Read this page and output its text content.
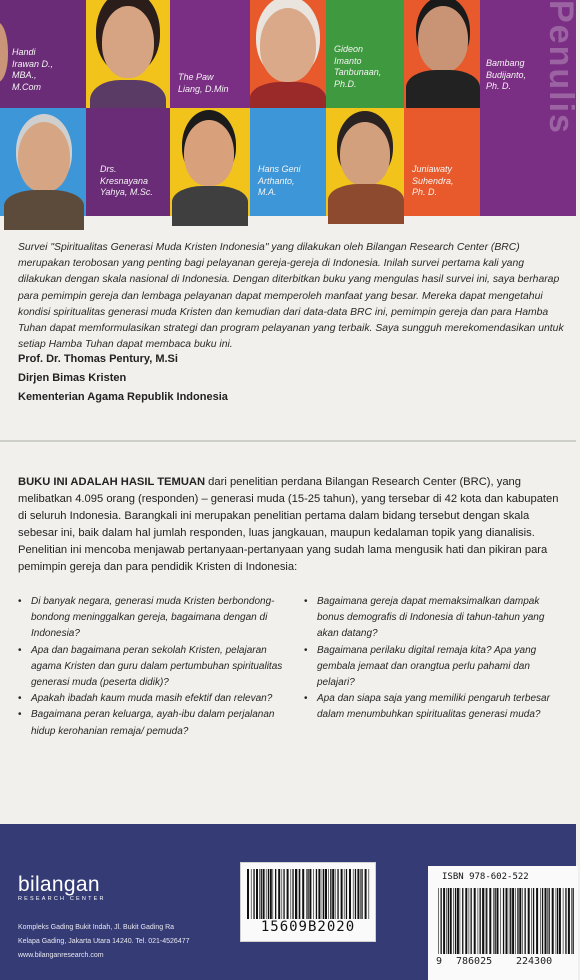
Handi
Irawan D.,
MBA.,
M.Com
The Paw
Liang, D.Min
Gideon
Imanto
Tanbunaan,
Ph.D.
Bambang
Budijanto,
Ph. D.
Drs.
Kresnayana
Yahya, M.Sc.
Hans Geni
Arthanto,
M.A.
Juniawaty
Suhendra,
Ph. D.
Penulis

Survei "Spiritualitas Generasi Muda Kristen Indonesia" yang dilakukan oleh Bilangan Research Center (BRC) merupakan terobosan yang penting bagi pelayanan gereja-gereja di Indonesia. Inilah survei pertama kali yang dilakukan dengan skala nasional di Indonesia. Dengan diterbitkan buku yang mengulas hasil survei ini, saya berharap para pemimpin gereja dan lembaga pelayanan dapat memperoleh manfaat yang besar. Mereka dapat mengetahui kondisi spiritualitas generasi muda Kristen dan kemudian dari data-data BRC ini, pemimpin gereja dan para Hamba Tuhan dapat memformulasikan strategi dan program pelayanan yang terbaik. Saya sungguh merekomendasikan untuk setiap Hamba Tuhan dapat membaca buku ini.

Prof. Dr. Thomas Pentury, M.Si
Dirjen Bimas Kristen
Kementerian Agama Republik Indonesia
BUKU INI ADALAH HASIL TEMUAN dari penelitian perdana Bilangan Research Center (BRC), yang melibatkan 4.095 orang (responden) – generasi muda (15-25 tahun), yang tersebar di 42 kota dan kabupaten di seluruh Indonesia. Barangkali ini merupakan penelitian pertama dalam bidang tersebut dengan skala sebesar ini, baik dalam hal jumlah responden, luas jangkauan, maupun kedalaman topik yang dianalisis. Penelitian ini mencoba menjawab pertanyaan-pertanyaan yang sudah lama mengusik hati dan pikiran para pemimpin gereja dan para pendidik Kristen di Indonesia:
• Di banyak negara, generasi muda Kristen berbondong-bondong meninggalkan gereja, bagaimana dengan di Indonesia?
• Apa dan bagaimana peran sekolah Kristen, pelajaran agama Kristen dan guru dalam pertumbuhan spiritualitas generasi muda (peserta didik)?
• Apakah ibadah kaum muda masih efektif dan relevan?
• Bagaimana peran keluarga, ayah-ibu dalam perjalanan hidup kerohanian remaja/ pemuda?
• Bagaimana gereja dapat memaksimalkan dampak bonus demografis di Indonesia di tahun-tahun yang akan datang?
• Bagaimana perilaku digital remaja kita? Apa yang gembala jemaat dan orangtua perlu pahami dan pelajari?
• Apa dan siapa saja yang memiliki pengaruh terbesar dalam menumbuhkan spiritualitas generasi muda?
bilangan
RESEARCH CENTER
Kompleks Gading Bukit Indah, Jl. Bukit Gading Ra
Kelapa Gading, Jakarta Utara 14240. Tel. 021-4526477
www.bilanganresearch.com
15609B2020
ISBN 978-602-522
9 786025 224300
